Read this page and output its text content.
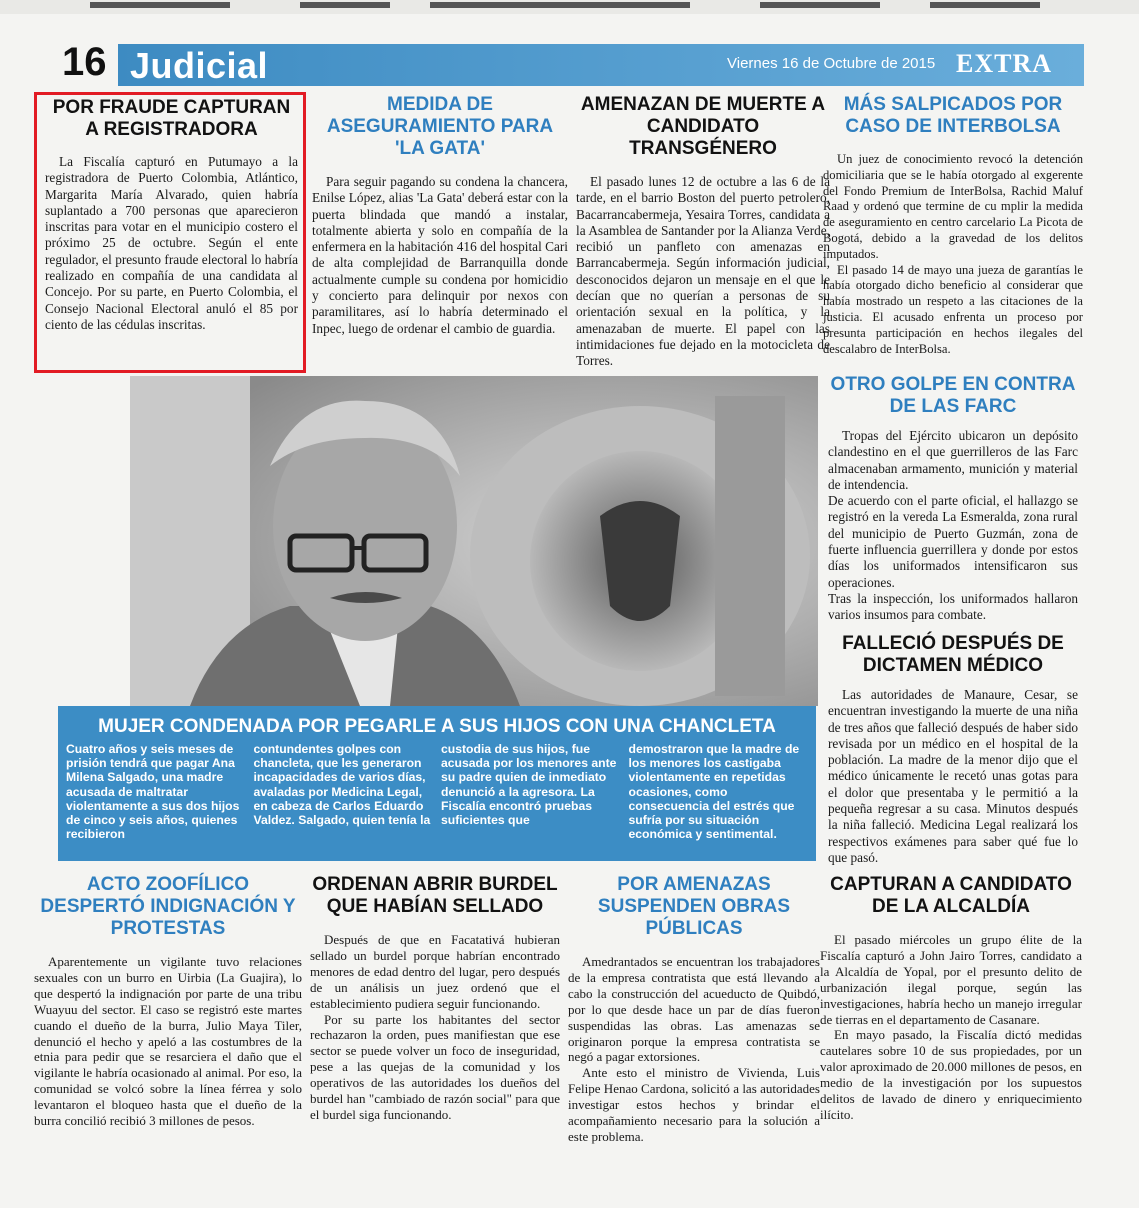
16 Judicial	Viernes 16 de Octubre de 2015 EXTRA
POR FRAUDE CAPTURAN A REGISTRADORA

La Fiscalía capturó en Putumayo a la registradora de Puerto Colombia, Atlántico, Margarita María Alvarado, quien habría suplantado a 700 personas que aparecieron inscritas para votar en el municipio costero el próximo 25 de octubre. Según el ente regulador, el presunto fraude electoral lo habría realizado en compañía de una candidata al Concejo. Por su parte, en Puerto Colombia, el Consejo Nacional Electoral anuló el 85 por ciento de las cédulas inscritas.

MEDIDA DE ASEGURAMIENTO PARA 'LA GATA'

Para seguir pagando su condena la chancera, Enilse López, alias 'La Gata' deberá estar con la puerta blindada que mandó a instalar, totalmente abierta y solo en compañía de la enfermera en la habitación 416 del hospital Cari de alta complejidad de Barranquilla donde actualmente cumple su condena por homicidio y concierto para delinquir por nexos con paramilitares, así lo habría determinado el Inpec, luego de ordenar el cambio de guardia.

AMENAZAN DE MUERTE A CANDIDATO TRANSGÉNERO

El pasado lunes 12 de octubre a las 6 de la tarde, en el barrio Boston del puerto petrolero, Bacarrancabermeja, Yesaira Torres, candidata a la Asamblea de Santander por la Alianza Verde, recibió un panfleto con amenazas en Barrancabermeja. Según información judicial, desconocidos dejaron un mensaje en el que le decían que no querían a personas de su orientación sexual en la política, y la amenazaban de muerte. El papel con las intimidaciones fue dejado en la motocicleta de Torres.

MÁS SALPICADOS POR CASO DE INTERBOLSA

Un juez de conocimiento revocó la detención domiciliaria que se le había otorgado al exgerente del Fondo Premium de InterBolsa, Rachid Maluf Raad y ordenó que termine de cu mplir la medida de aseguramiento en centro carcelario La Picota de Bogotá, debido a la gravedad de los delitos imputados.

El pasado 14 de mayo una jueza de garantías le había otorgado dicho beneficio al considerar que había mostrado un respeto a las citaciones de la justicia. El acusado enfrenta un proceso por presunta participación en hechos ilegales del descalabro de InterBolsa.

MUJER CONDENADA POR PEGARLE A SUS HIJOS CON UNA CHANCLETA

Cuatro años y seis meses de prisión tendrá que pagar Ana Milena Salgado, una madre acusada de maltratar violentamente a sus dos hijos de cinco y seis años, quienes recibieron

contundentes golpes con chancleta, que les generaron incapacidades de varios días, avaladas por Medicina Legal, en cabeza de Carlos Eduardo Valdez. Salgado, quien tenía la

custodia de sus hijos, fue acusada por los menores ante su padre quien de inmediato denunció a la agresora. La Fiscalía encontró pruebas suficientes que

demostraron que la madre de los menores los castigaba violentamente en repetidas ocasiones, como consecuencia del estrés que sufría por su situación económica y sentimental.

OTRO GOLPE EN CONTRA DE LAS FARC

Tropas del Ejército ubicaron un depósito clandestino en el que guerrilleros de las Farc almacenaban armamento, munición y material de intendencia.

De acuerdo con el parte oficial, el hallazgo se registró en la vereda La Esmeralda, zona rural del municipio de Puerto Guzmán, zona de fuerte influencia guerrillera y donde por estos días los uniformados intensificaron sus operaciones.

Tras la inspección, los uniformados hallaron varios insumos para combate.

FALLECIÓ DESPUÉS DE DICTAMEN MÉDICO

Las autoridades de Manaure, Cesar, se encuentran investigando la muerte de una niña de tres años que falleció después de haber sido revisada por un médico en el hospital de la población. La madre de la menor dijo que el médico únicamente le recetó unas gotas para el dolor que presentaba y le permitió a la pequeña regresar a su casa. Minutos después la niña falleció. Medicina Legal realizará los respectivos exámenes para saber qué fue lo que pasó.

ACTO ZOOFÍLICO DESPERTÓ INDIGNACIÓN Y PROTESTAS

Aparentemente un vigilante tuvo relaciones sexuales con un burro en Uirbia (La Guajira), lo que despertó la indignación por parte de una tribu Wuayuu del sector. El caso se registró este martes cuando el dueño de la burra, Julio Maya Tiler, denunció el hecho y apeló a las costumbres de la etnia para pedir que se resarciera el daño que el vigilante le habría ocasionado al animal. Por eso, la comunidad se volcó sobre la línea férrea y solo levantaron el bloqueo hasta que el dueño de la burra concilió recibió 3 millones de pesos.

ORDENAN ABRIR BURDEL QUE HABÍAN SELLADO

Después de que en Facatativá hubieran sellado un burdel porque habrían encontrado menores de edad dentro del lugar, pero después de un análisis un juez ordenó que el establecimiento pudiera seguir funcionando.

Por su parte los habitantes del sector rechazaron la orden, pues manifiestan que ese sector se puede volver un foco de inseguridad, pese a las quejas de la comunidad y los operativos de las autoridades los dueños del burdel han "cambiado de razón social" para que el burdel siga funcionando.

POR AMENAZAS SUSPENDEN OBRAS PÚBLICAS

Amedrantados se encuentran los trabajadores de la empresa contratista que está llevando a cabo la construcción del acueducto de Quibdó, por lo que desde hace un par de días fueron suspendidas las obras. Las amenazas se originaron porque la empresa contratista se negó a pagar extorsiones.

Ante esto el ministro de Vivienda, Luis Felipe Henao Cardona, solicitó a las autoridades investigar estos hechos y brindar el acompañamiento necesario para la solución a este problema.

CAPTURAN A CANDIDATO DE LA ALCALDÍA

El pasado miércoles un grupo élite de la Fiscalía capturó a John Jairo Torres, candidato a la Alcaldía de Yopal, por el presunto delito de urbanización ilegal porque, según las investigaciones, habría hecho un manejo irregular de tierras en el departamento de Casanare.

En mayo pasado, la Fiscalía dictó medidas cautelares sobre 10 de sus propiedades, por un valor aproximado de 20.000 millones de pesos, en medio de la investigación por los supuestos delitos de lavado de dinero y enriquecimiento ilícito.
